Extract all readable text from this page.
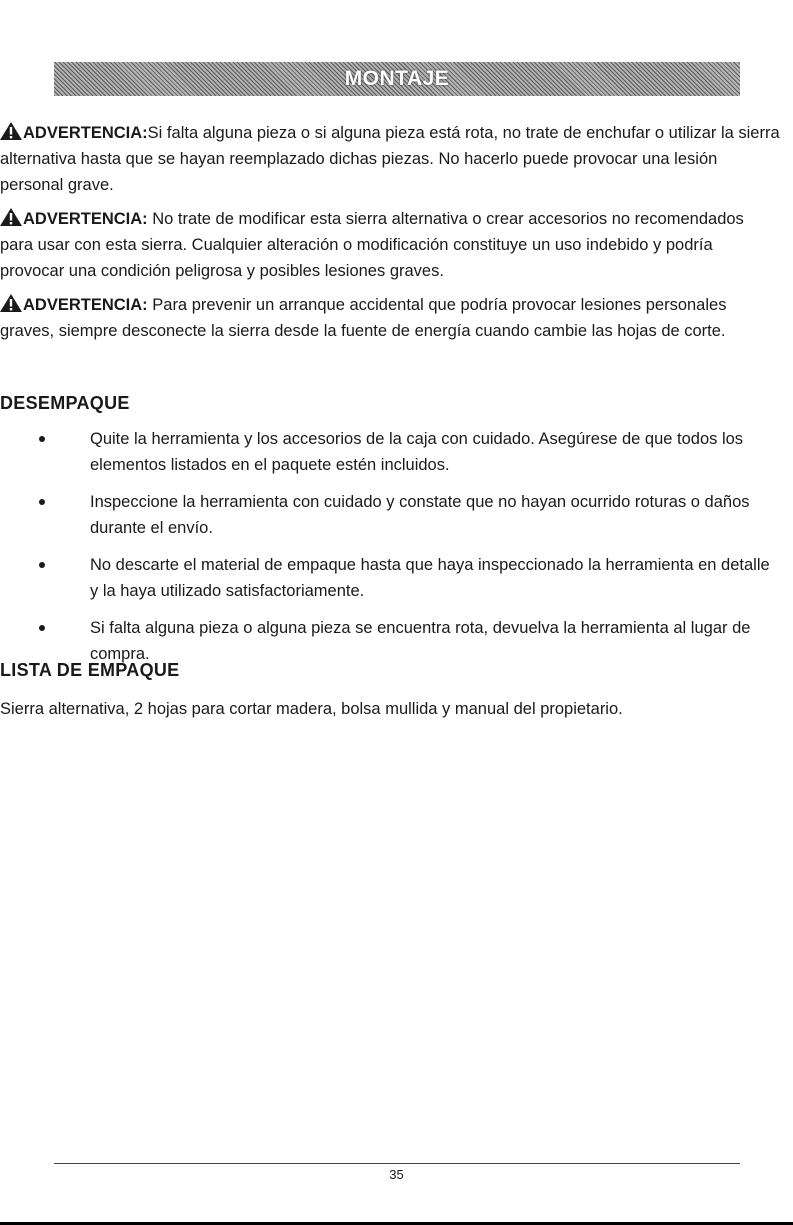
MONTAJE

ADVERTENCIA:Si falta alguna pieza o si alguna pieza está rota, no trate de enchufar o utilizar la sierra alternativa hasta que se hayan reemplazado dichas piezas. No hacerlo puede provocar una lesión personal grave.

ADVERTENCIA: No trate de modificar esta sierra alternativa o crear accesorios no recomendados para usar con esta sierra. Cualquier alteración o modificación constituye un uso indebido y podría provocar una condición peligrosa y posibles lesiones graves.

ADVERTENCIA: Para prevenir un arranque accidental que podría provocar lesiones personales graves, siempre desconecte la sierra desde la fuente de energía cuando cambie las hojas de corte.

DESEMPAQUE
Quite la herramienta y los accesorios de la caja con cuidado. Asegúrese de que todos los elementos listados en el paquete estén incluidos.
Inspeccione la herramienta con cuidado y constate que no hayan ocurrido roturas o daños durante el envío.
No descarte el material de empaque hasta que haya inspeccionado la herramienta en detalle y la haya utilizado satisfactoriamente.
Si falta alguna pieza o alguna pieza se encuentra rota, devuelva la herramienta al lugar de compra.
LISTA DE EMPAQUE

Sierra alternativa, 2 hojas para cortar madera, bolsa mullida y manual del propietario.

35
